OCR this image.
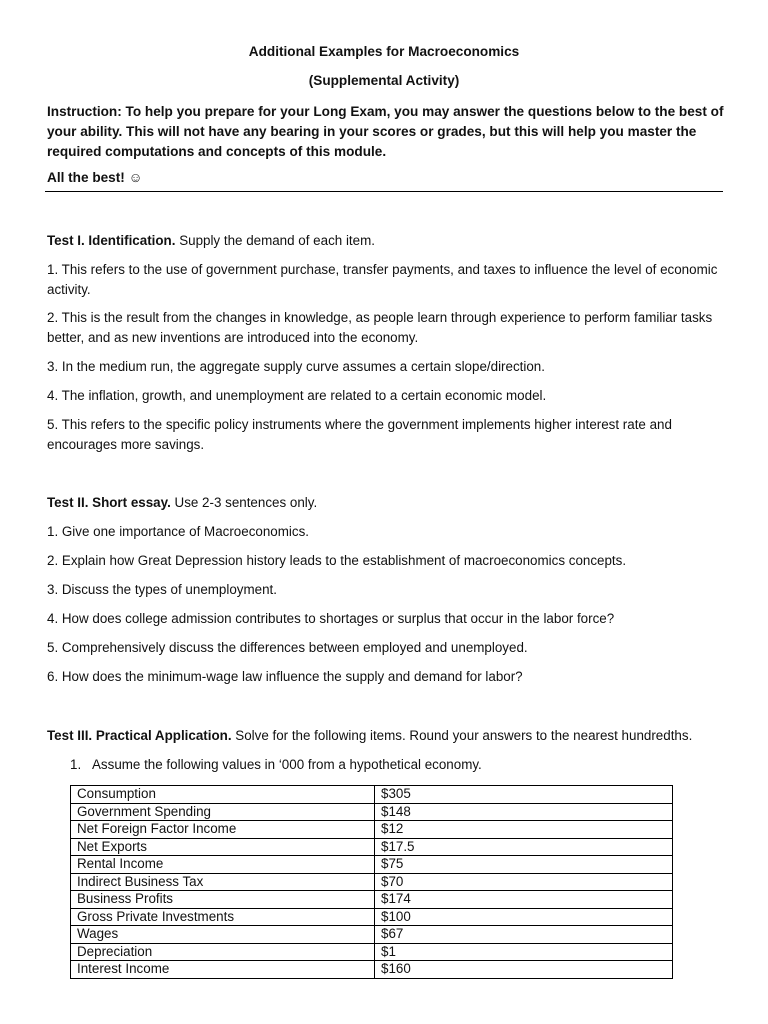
Additional Examples for Macroeconomics
(Supplemental Activity)
Instruction: To help you prepare for your Long Exam, you may answer the questions below to the best of your ability. This will not have any bearing in your scores or grades, but this will help you master the required computations and concepts of this module.
All the best! ☺
Test I. Identification. Supply the demand of each item.
1. This refers to the use of government purchase, transfer payments, and taxes to influence the level of economic activity.
2. This is the result from the changes in knowledge, as people learn through experience to perform familiar tasks better, and as new inventions are introduced into the economy.
3. In the medium run, the aggregate supply curve assumes a certain slope/direction.
4. The inflation, growth, and unemployment are related to a certain economic model.
5. This refers to the specific policy instruments where the government implements higher interest rate and encourages more savings.
Test II. Short essay. Use 2-3 sentences only.
1. Give one importance of Macroeconomics.
2. Explain how Great Depression history leads to the establishment of macroeconomics concepts.
3. Discuss the types of unemployment.
4. How does college admission contributes to shortages or surplus that occur in the labor force?
5. Comprehensively discuss the differences between employed and unemployed.
6. How does the minimum-wage law influence the supply and demand for labor?
Test III. Practical Application. Solve for the following items. Round your answers to the nearest hundredths.
1. Assume the following values in ‘000 from a hypothetical economy.
Consumption	$305
Government Spending	$148
Net Foreign Factor Income	$12
Net Exports	$17.5
Rental Income	$75
Indirect Business Tax	$70
Business Profits	$174
Gross Private Investments	$100
Wages	$67
Depreciation	$1
Interest Income	$160
